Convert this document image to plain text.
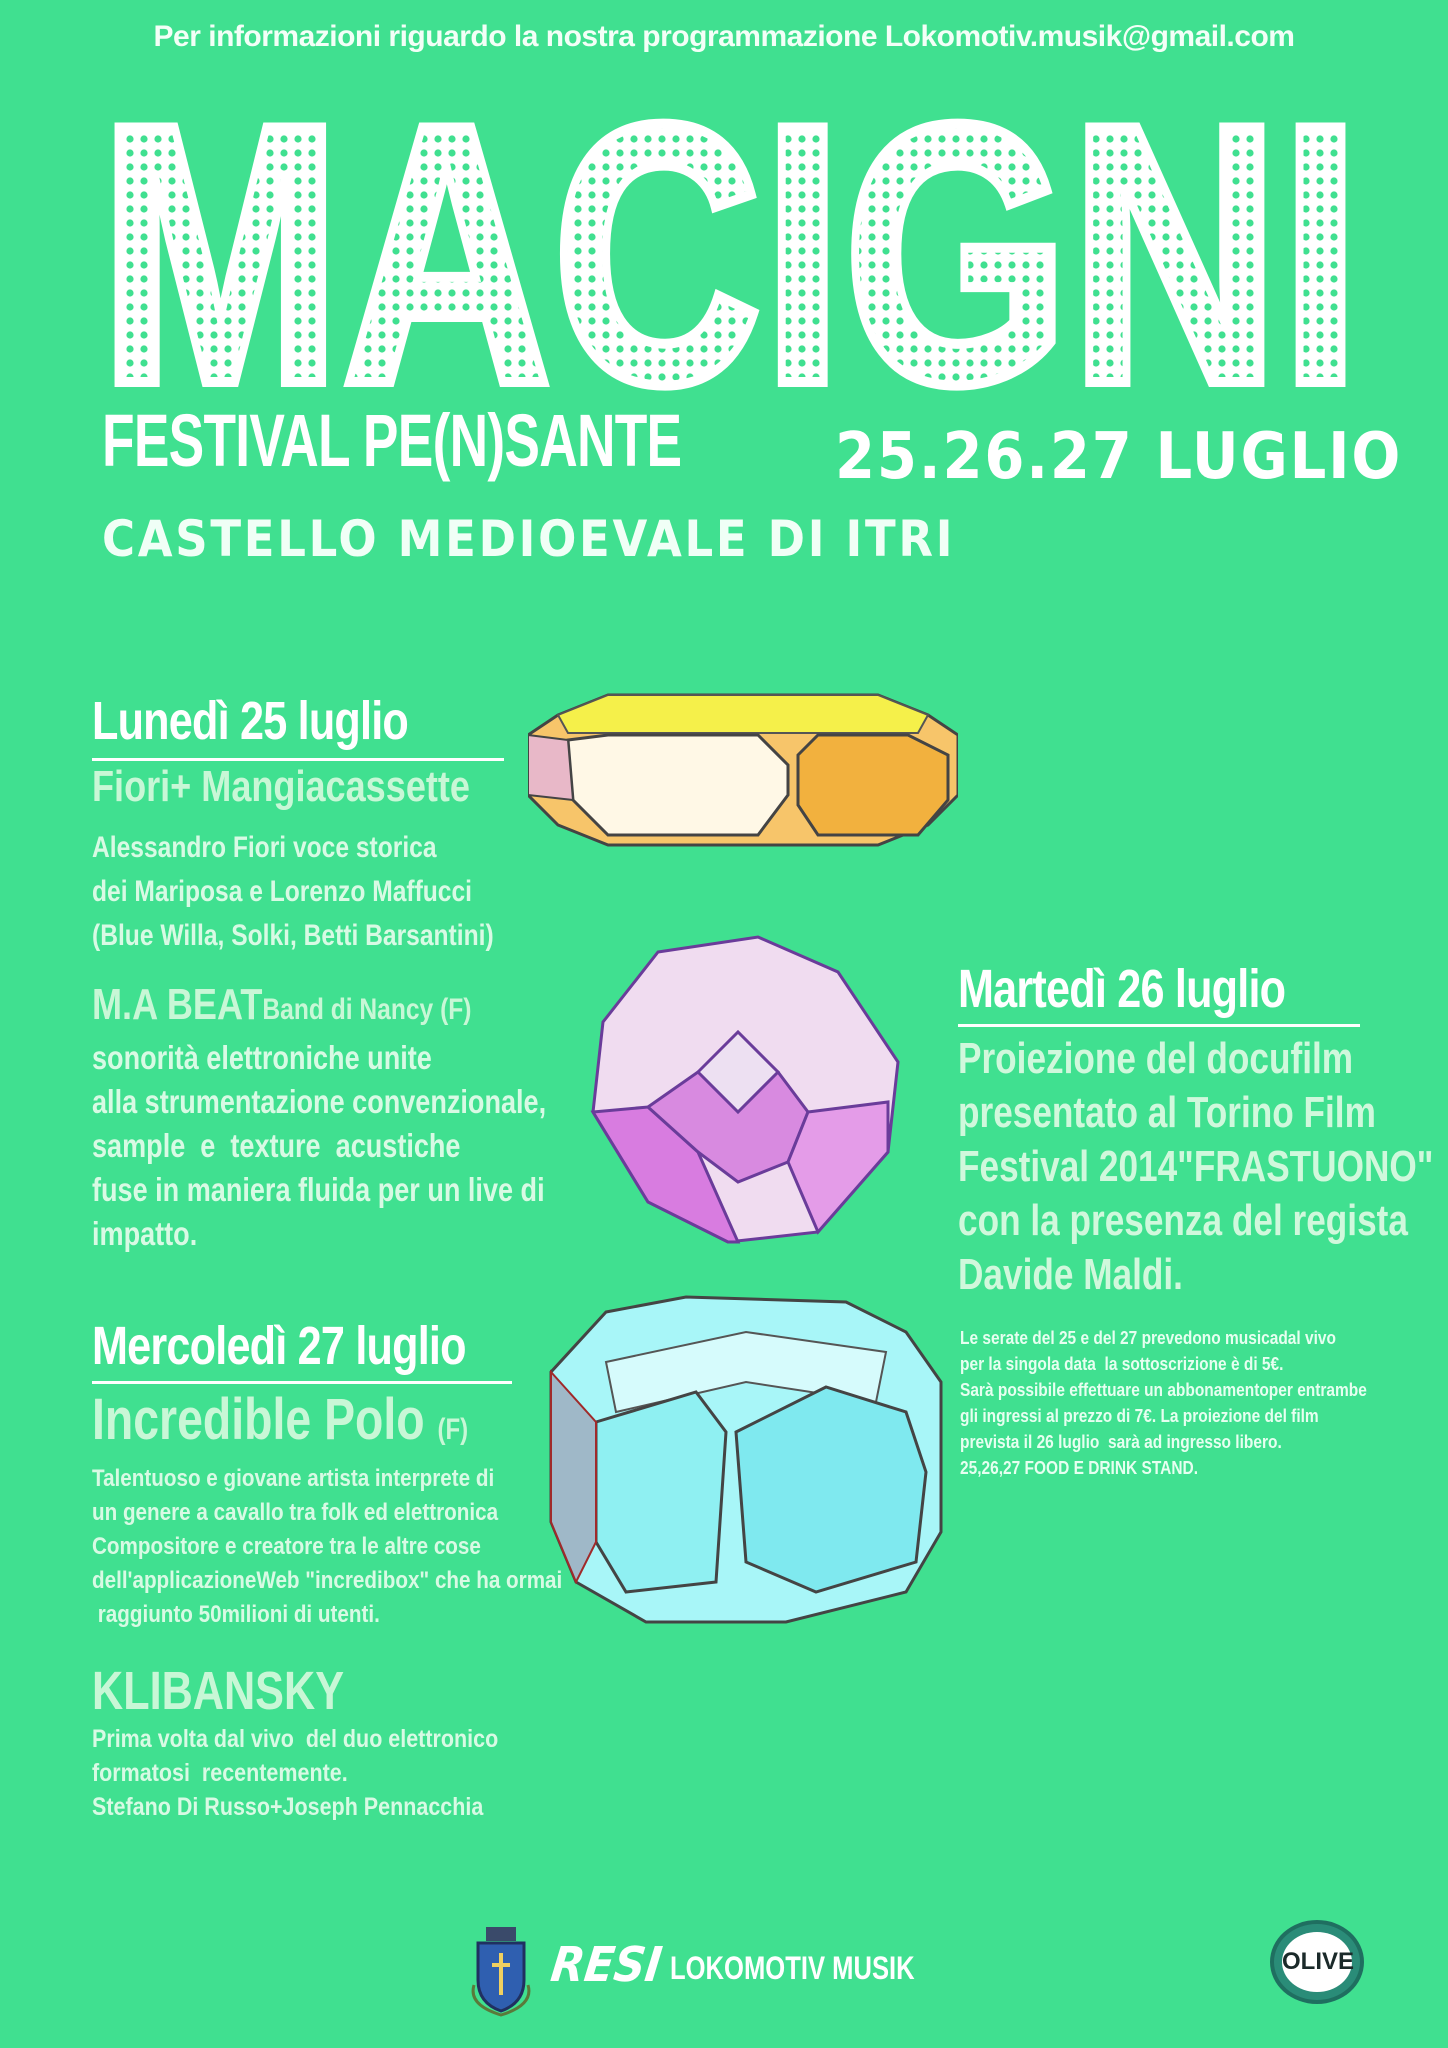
Per informazioni riguardo la nostra programmazione Lokomotiv.musik@gmail.com
MACIGNI
FESTIVAL PE(N)SANTE 25.26.27 LUGLIO
CASTELLO MEDIOEVALE DI ITRI
Lunedì 25 luglio
Fiori+ Mangiacassette
Alessandro Fiori voce storica
dei Mariposa e Lorenzo Maffucci
(Blue Willa, Solki, Betti Barsantini)
M.A BEATBand di Nancy (F)
sonorità elettroniche unite
alla strumentazione convenzionale,
sample  e  texture  acustiche
fuse in maniera fluida per un live di
impatto.
Martedì 26 luglio
Proiezione del docufilm
presentato al Torino Film
Festival 2014"FRASTUONO"
con la presenza del regista
Davide Maldi.
Le serate del 25 e del 27 prevedono musicadal vivo
per la singola data  la sottoscrizione è di 5€.
Sarà possibile effettuare un abbonamentoper entrambe
gli ingressi al prezzo di 7€. La proiezione del film
prevista il 26 luglio  sarà ad ingresso libero.
25,26,27 FOOD E DRINK STAND.
Mercoledì 27 luglio
Incredible Polo (F)
Talentuoso e giovane artista interprete di
un genere a cavallo tra folk ed elettronica
Compositore e creatore tra le altre cose
dell'applicazioneWeb "incredibox" che ha ormai
raggiunto 50milioni di utenti.
KLIBANSKY
Prima volta dal vivo  del duo elettronico
formatosi  recentemente.
Stefano Di Russo+Joseph Pennacchia
RESI LOKOMOTIV MUSIK	OLIVE
